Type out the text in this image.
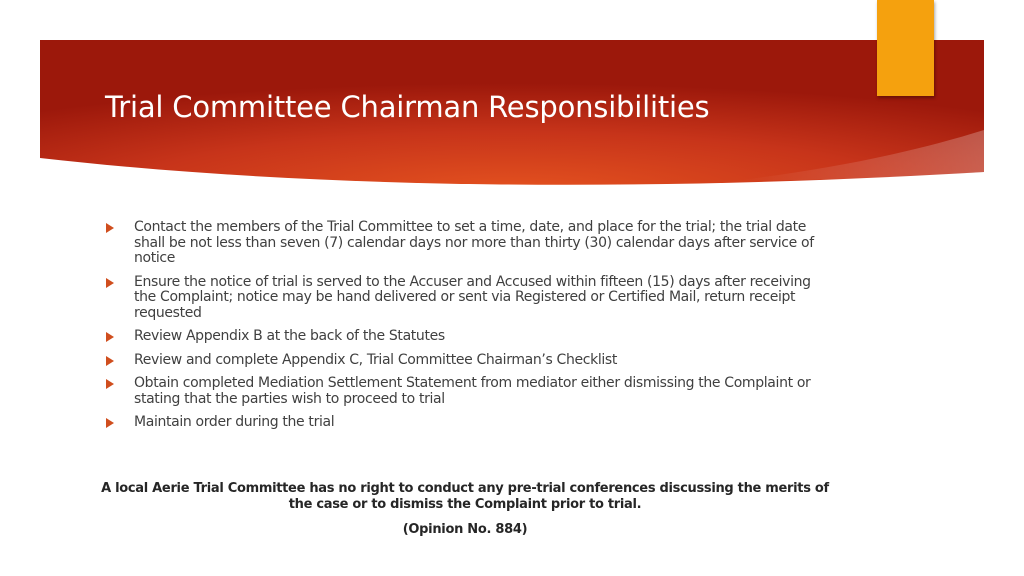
Trial Committee Chairman Responsibilities
Contact the members of the Trial Committee to set a time, date, and place for the trial; the trial date shall be not less than seven (7) calendar days nor more than thirty (30) calendar days after service of notice
Ensure the notice of trial is served to the Accuser and Accused within fifteen (15) days after receiving the Complaint; notice may be hand delivered or sent via Registered or Certified Mail, return receipt requested
Review Appendix B at the back of the Statutes
Review and complete Appendix C, Trial Committee Chairman’s Checklist
Obtain completed Mediation Settlement Statement from mediator either dismissing the Complaint or stating that the parties wish to proceed to trial
Maintain order during the trial

A local Aerie Trial Committee has no right to conduct any pre-trial conferences discussing the merits of the case or to dismiss the Complaint prior to trial.

(Opinion No. 884)
